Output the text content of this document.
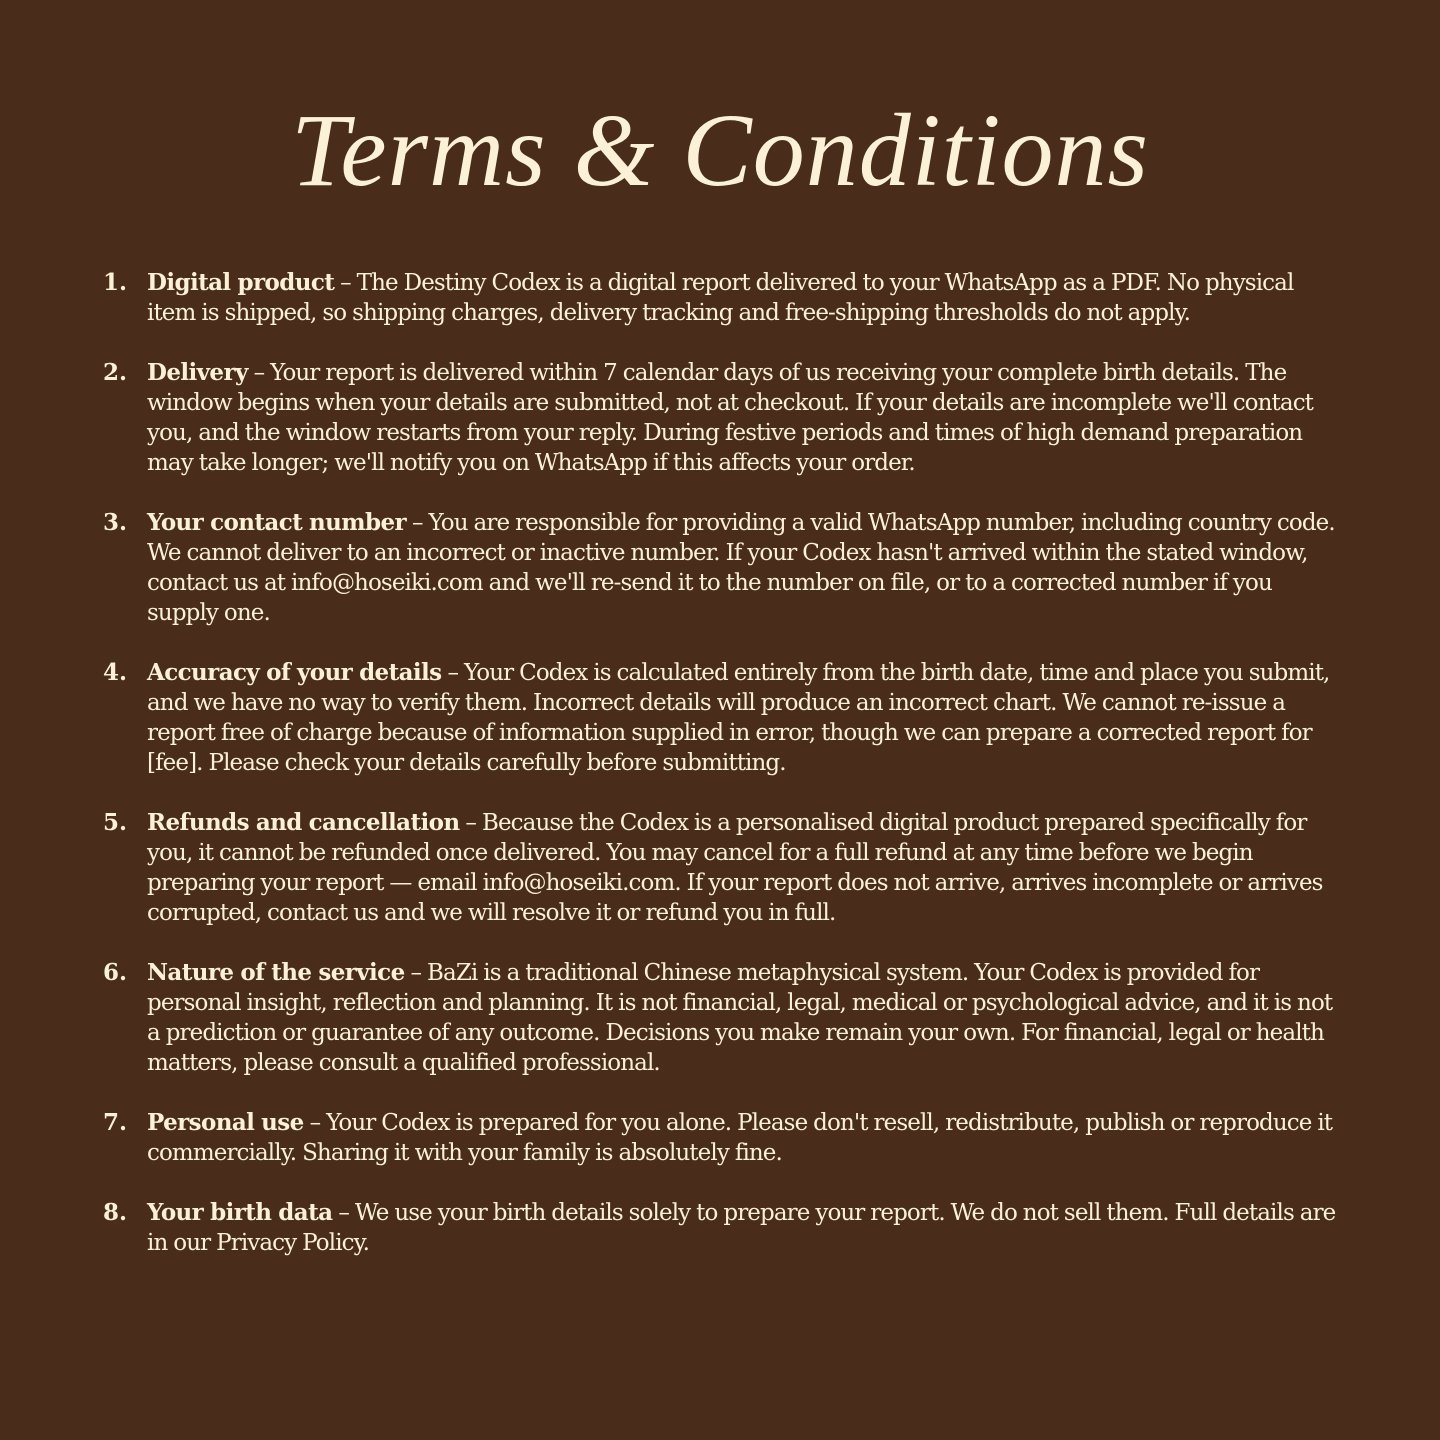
Terms & Conditions
1. Digital product – The Destiny Codex is a digital report delivered to your WhatsApp as a PDF. No physical item is shipped, so shipping charges, delivery tracking and free-shipping thresholds do not apply.
2. Delivery – Your report is delivered within 7 calendar days of us receiving your complete birth details. The window begins when your details are submitted, not at checkout. If your details are incomplete we'll contact you, and the window restarts from your reply. During festive periods and times of high demand preparation may take longer; we'll notify you on WhatsApp if this affects your order.
3. Your contact number – You are responsible for providing a valid WhatsApp number, including country code. We cannot deliver to an incorrect or inactive number. If your Codex hasn't arrived within the stated window, contact us at info@hoseiki.com and we'll re-send it to the number on file, or to a corrected number if you supply one.
4. Accuracy of your details – Your Codex is calculated entirely from the birth date, time and place you submit, and we have no way to verify them. Incorrect details will produce an incorrect chart. We cannot re-issue a report free of charge because of information supplied in error, though we can prepare a corrected report for [fee]. Please check your details carefully before submitting.
5. Refunds and cancellation – Because the Codex is a personalised digital product prepared specifically for you, it cannot be refunded once delivered. You may cancel for a full refund at any time before we begin preparing your report — email info@hoseiki.com. If your report does not arrive, arrives incomplete or arrives corrupted, contact us and we will resolve it or refund you in full.
6. Nature of the service – BaZi is a traditional Chinese metaphysical system. Your Codex is provided for personal insight, reflection and planning. It is not financial, legal, medical or psychological advice, and it is not a prediction or guarantee of any outcome. Decisions you make remain your own. For financial, legal or health matters, please consult a qualified professional.
7. Personal use – Your Codex is prepared for you alone. Please don't resell, redistribute, publish or reproduce it commercially. Sharing it with your family is absolutely fine.
8. Your birth data – We use your birth details solely to prepare your report. We do not sell them. Full details are in our Privacy Policy.
